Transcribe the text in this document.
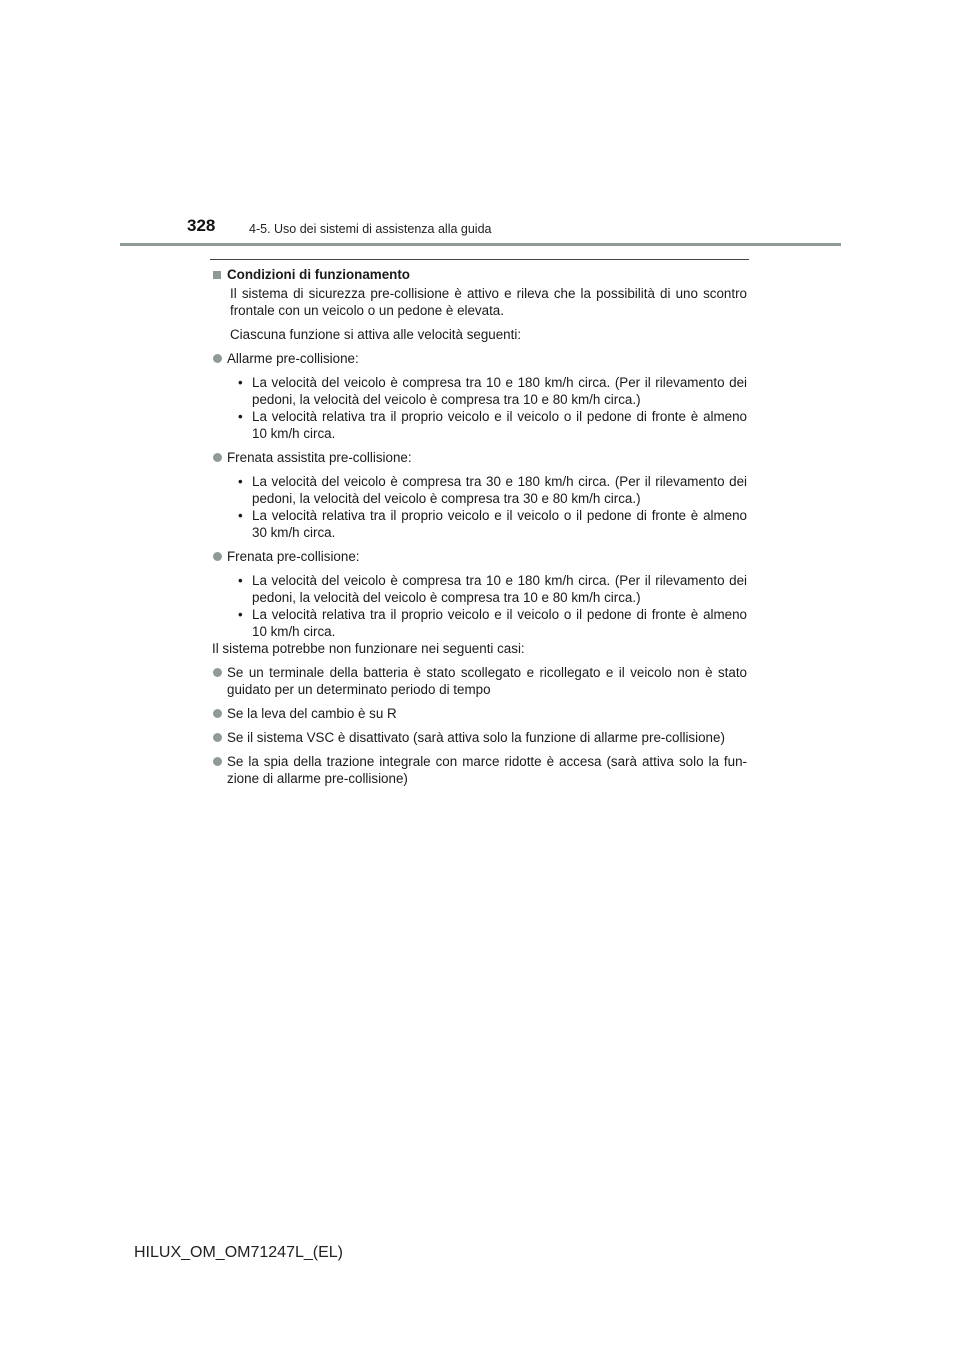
328	4-5. Uso dei sistemi di assistenza alla guida
Condizioni di funzionamento
Il sistema di sicurezza pre-collisione è attivo e rileva che la possibilità di uno scontro frontale con un veicolo o un pedone è elevata.
Ciascuna funzione si attiva alle velocità seguenti:
Allarme pre-collisione:
• La velocità del veicolo è compresa tra 10 e 180 km/h circa. (Per il rilevamento dei pedoni, la velocità del veicolo è compresa tra 10 e 80 km/h circa.)
• La velocità relativa tra il proprio veicolo e il veicolo o il pedone di fronte è almeno 10 km/h circa.
Frenata assistita pre-collisione:
• La velocità del veicolo è compresa tra 30 e 180 km/h circa. (Per il rilevamento dei pedoni, la velocità del veicolo è compresa tra 30 e 80 km/h circa.)
• La velocità relativa tra il proprio veicolo e il veicolo o il pedone di fronte è almeno 30 km/h circa.
Frenata pre-collisione:
• La velocità del veicolo è compresa tra 10 e 180 km/h circa. (Per il rilevamento dei pedoni, la velocità del veicolo è compresa tra 10 e 80 km/h circa.)
• La velocità relativa tra il proprio veicolo e il veicolo o il pedone di fronte è almeno 10 km/h circa.
Il sistema potrebbe non funzionare nei seguenti casi:
Se un terminale della batteria è stato scollegato e ricollegato e il veicolo non è stato guidato per un determinato periodo di tempo
Se la leva del cambio è su R
Se il sistema VSC è disattivato (sarà attiva solo la funzione di allarme pre-collisione)
Se la spia della trazione integrale con marce ridotte è accesa (sarà attiva solo la fun-zione di allarme pre-collisione)
HILUX_OM_OM71247L_(EL)
